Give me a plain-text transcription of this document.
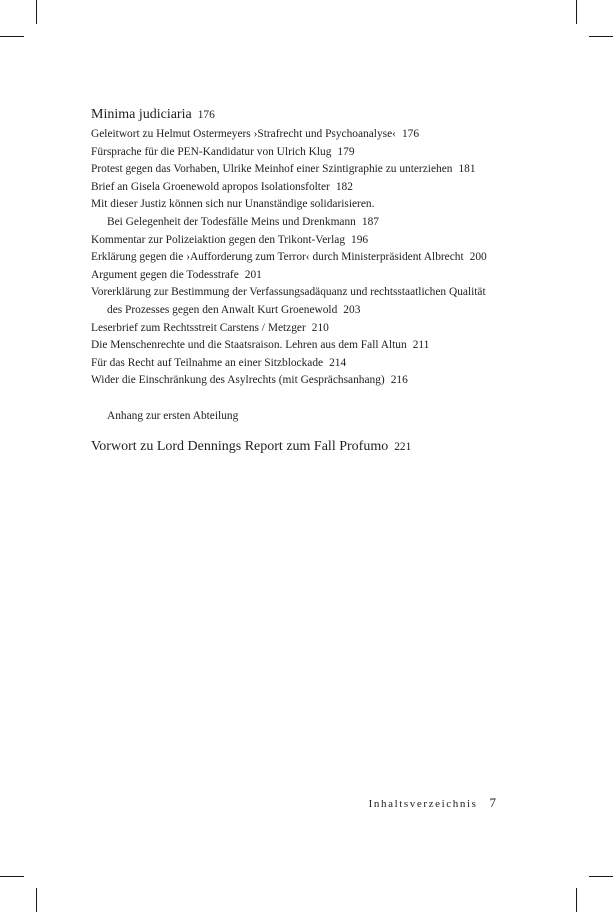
Minima judiciaria 176
Geleitwort zu Helmut Ostermeyers ›Strafrecht und Psychoanalyse‹ 176
Fürsprache für die PEN-Kandidatur von Ulrich Klug 179
Protest gegen das Vorhaben, Ulrike Meinhof einer Szintigraphie zu unterziehen 181
Brief an Gisela Groenewold apropos Isolationsfolter 182
Mit dieser Justiz können sich nur Unanständige solidarisieren.
Bei Gelegenheit der Todesfälle Meins und Drenkmann 187
Kommentar zur Polizeiaktion gegen den Trikont-Verlag 196
Erklärung gegen die ›Aufforderung zum Terror‹ durch Ministerpräsident Albrecht 200
Argument gegen die Todesstrafe 201
Vorerklärung zur Bestimmung der Verfassungsadäquanz und rechtsstaatlichen Qualität
des Prozesses gegen den Anwalt Kurt Groenewold 203
Leserbrief zum Rechtsstreit Carstens / Metzger 210
Die Menschenrechte und die Staatsraison. Lehren aus dem Fall Altun 211
Für das Recht auf Teilnahme an einer Sitzblockade 214
Wider die Einschränkung des Asylrechts (mit Gesprächsanhang) 216
Anhang zur ersten Abteilung
Vorwort zu Lord Dennings Report zum Fall Profumo 221
Inhaltsverzeichnis 7
